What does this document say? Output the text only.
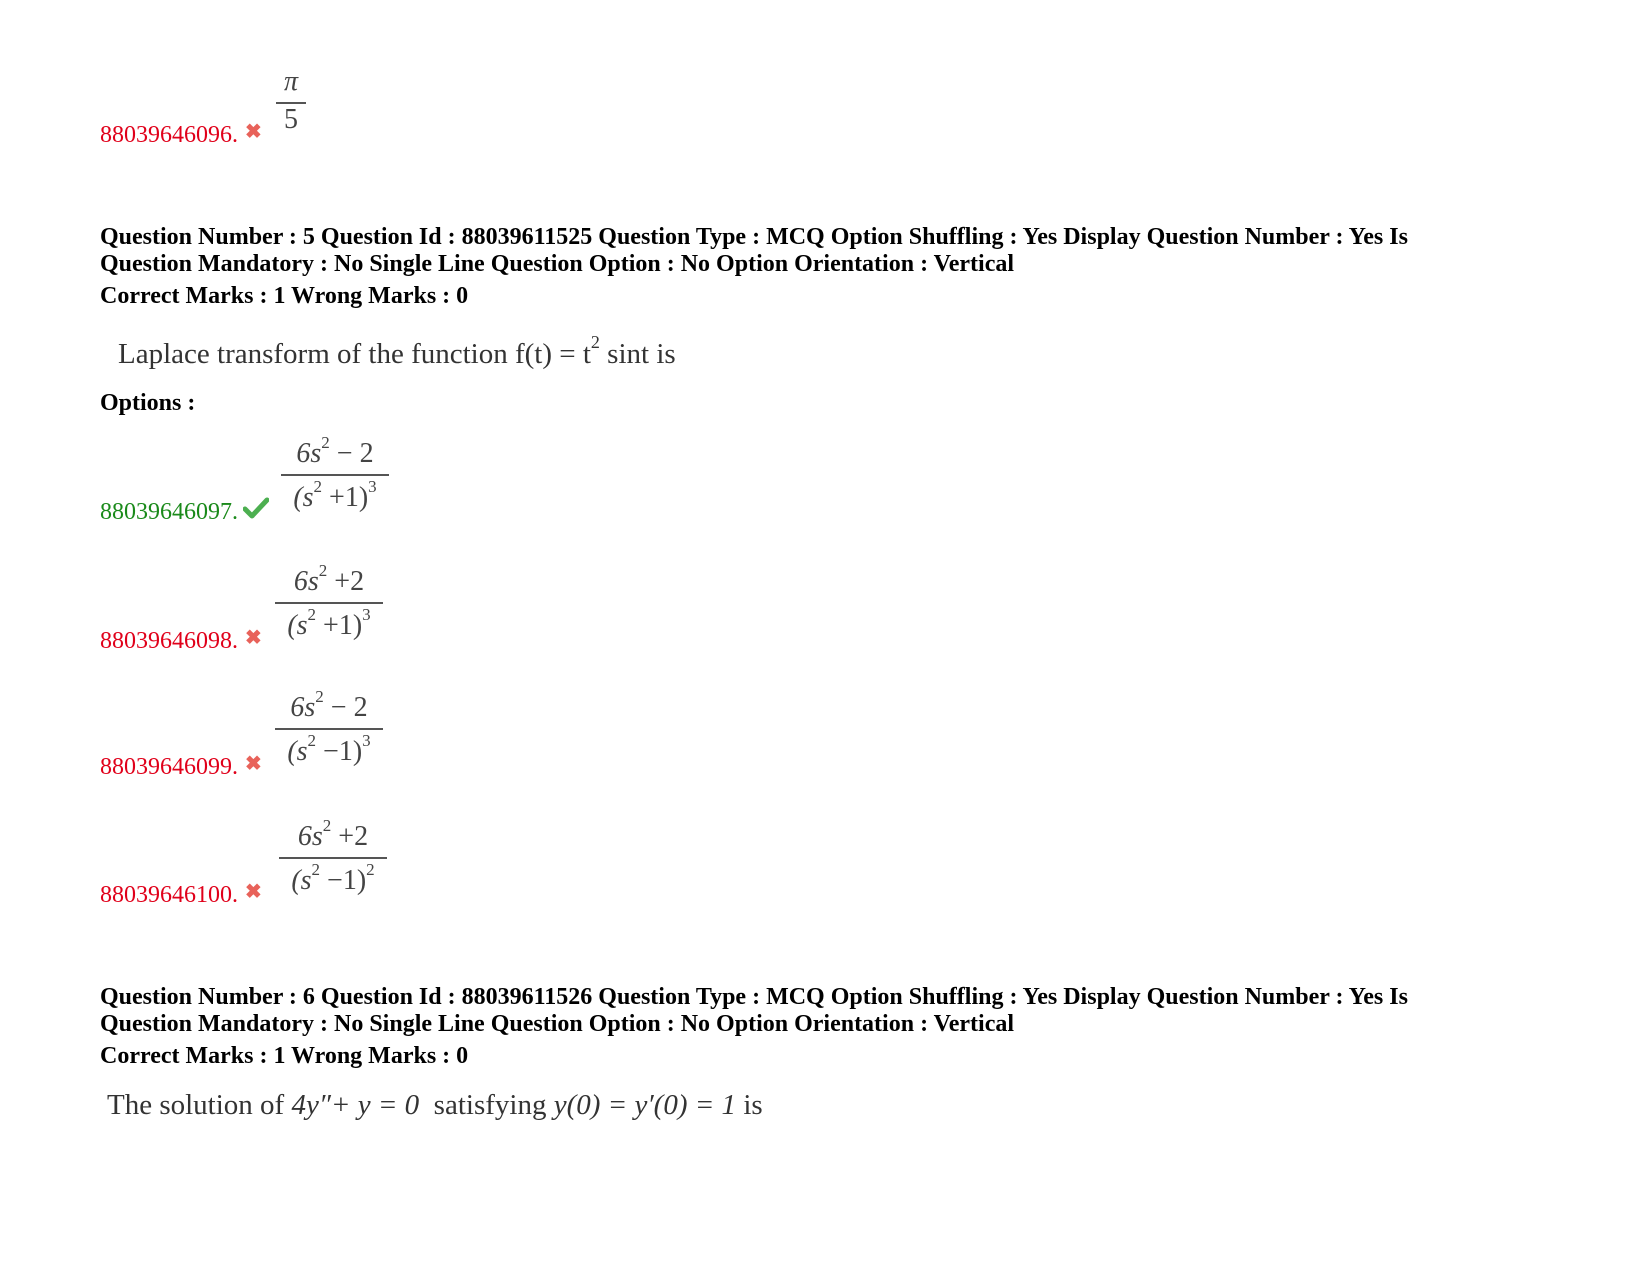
π
5
88039646096. ✖
Question Number : 5 Question Id : 88039611525 Question Type : MCQ Option Shuffling : Yes Display Question Number : Yes Is
Question Mandatory : No Single Line Question Option : No Option Orientation : Vertical
Correct Marks : 1 Wrong Marks : 0
Laplace transform of the function $f(t) = t^2$ sint is
Options :
$6s^2 - 2$
$(s^2 +1)^3$
88039646097.
$6s^2 +2$
$(s^2 +1)^3$
88039646098. ✖
$6s^2 - 2$
$(s^2 -1)^3$
88039646099. ✖
$6s^2 +2$
$(s^2 -1)^2$
88039646100. ✖
Question Number : 6 Question Id : 88039611526 Question Type : MCQ Option Shuffling : Yes Display Question Number : Yes Is
Question Mandatory : No Single Line Question Option : No Option Orientation : Vertical
Correct Marks : 1 Wrong Marks : 0
The solution of 4y″+ y = 0  satisfying y(0) = y′(0) = 1 is
